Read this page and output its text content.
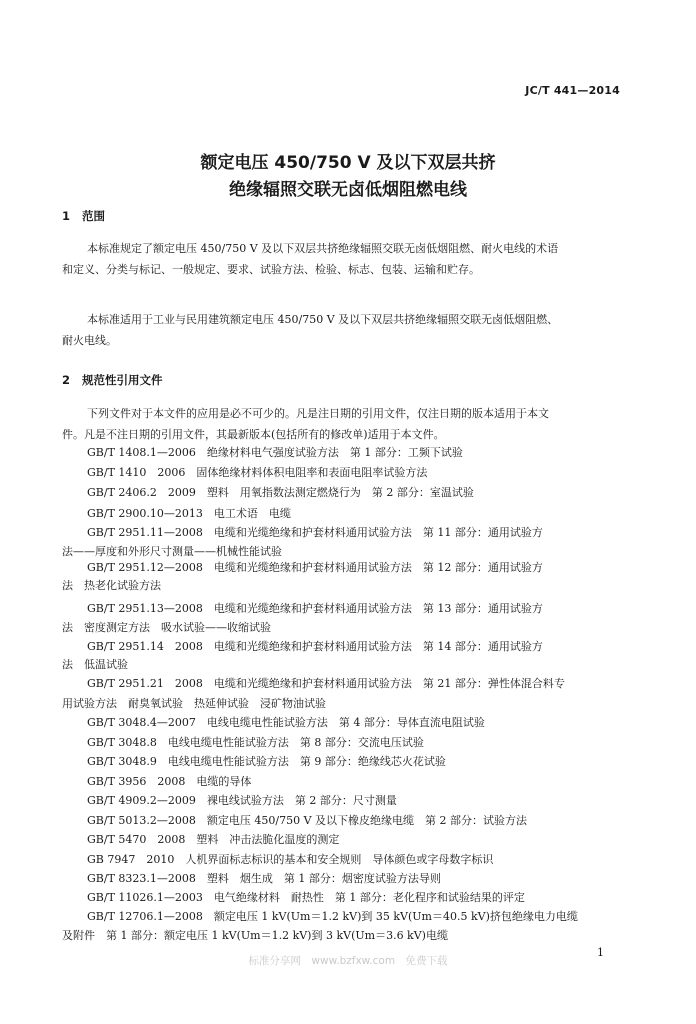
JC/T 441—2014
额定电压 450/750 V 及以下双层共挤
绝缘辐照交联无卤低烟阻燃电线
1 范围
本标准规定了额定电压 450/750 V 及以下双层共挤绝缘辐照交联无卤低烟阻燃、耐火电线的术语
和定义、分类与标记、一般规定、要求、试验方法、检验、标志、包装、运输和贮存。
本标准适用于工业与民用建筑额定电压 450/750 V 及以下双层共挤绝缘辐照交联无卤低烟阻燃、
耐火电线。
2 规范性引用文件
下列文件对于本文件的应用是必不可少的。凡是注日期的引用文件，仅注日期的版本适用于本文
件。凡是不注日期的引用文件，其最新版本(包括所有的修改单)适用于本文件。
GB/T 1408.1—2006　绝缘材料电气强度试验方法　第 1 部分：工频下试验
GB/T 1410　2006　固体绝缘材料体积电阻率和表面电阻率试验方法
GB/T 2406.2　2009　塑料　用氧指数法测定燃烧行为　第 2 部分：室温试验
GB/T 2900.10—2013　电工术语　电缆
GB/T 2951.11—2008　电缆和光缆绝缘和护套材料通用试验方法　第 11 部分：通用试验方
法——厚度和外形尺寸测量——机械性能试验
GB/T 2951.12—2008　电缆和光缆绝缘和护套材料通用试验方法　第 12 部分：通用试验方
法　热老化试验方法
GB/T 2951.13—2008　电缆和光缆绝缘和护套材料通用试验方法　第 13 部分：通用试验方
法　密度测定方法　吸水试验——收缩试验
GB/T 2951.14　2008　电缆和光缆绝缘和护套材料通用试验方法　第 14 部分：通用试验方
法　低温试验
GB/T 2951.21　2008　电缆和光缆绝缘和护套材料通用试验方法　第 21 部分：弹性体混合料专
用试验方法　耐臭氧试验　热延伸试验　浸矿物油试验
GB/T 3048.4—2007　电线电缆电性能试验方法　第 4 部分：导体直流电阻试验
GB/T 3048.8　电线电缆电性能试验方法　第 8 部分：交流电压试验
GB/T 3048.9　电线电缆电性能试验方法　第 9 部分：绝缘线芯火花试验
GB/T 3956　2008　电缆的导体
GB/T 4909.2—2009　裸电线试验方法　第 2 部分：尺寸测量
GB/T 5013.2—2008　额定电压 450/750 V 及以下橡皮绝缘电缆　第 2 部分：试验方法
GB/T 5470　2008　塑料　冲击法脆化温度的测定
GB 7947　2010　人机界面标志标识的基本和安全规则　导体颜色或字母数字标识
GB/T 8323.1—2008　塑料　烟生成　第 1 部分：烟密度试验方法导则
GB/T 11026.1—2003　电气绝缘材料　耐热性　第 1 部分：老化程序和试验结果的评定
GB/T 12706.1—2008　额定电压 1 kV(Um＝1.2 kV)到 35 kV(Um＝40.5 kV)挤包绝缘电力电缆
及附件　第 1 部分：额定电压 1 kV(Um＝1.2 kV)到 3 kV(Um＝3.6 kV)电缆
1
标准分享网　www.bzfxw.com　免费下载
